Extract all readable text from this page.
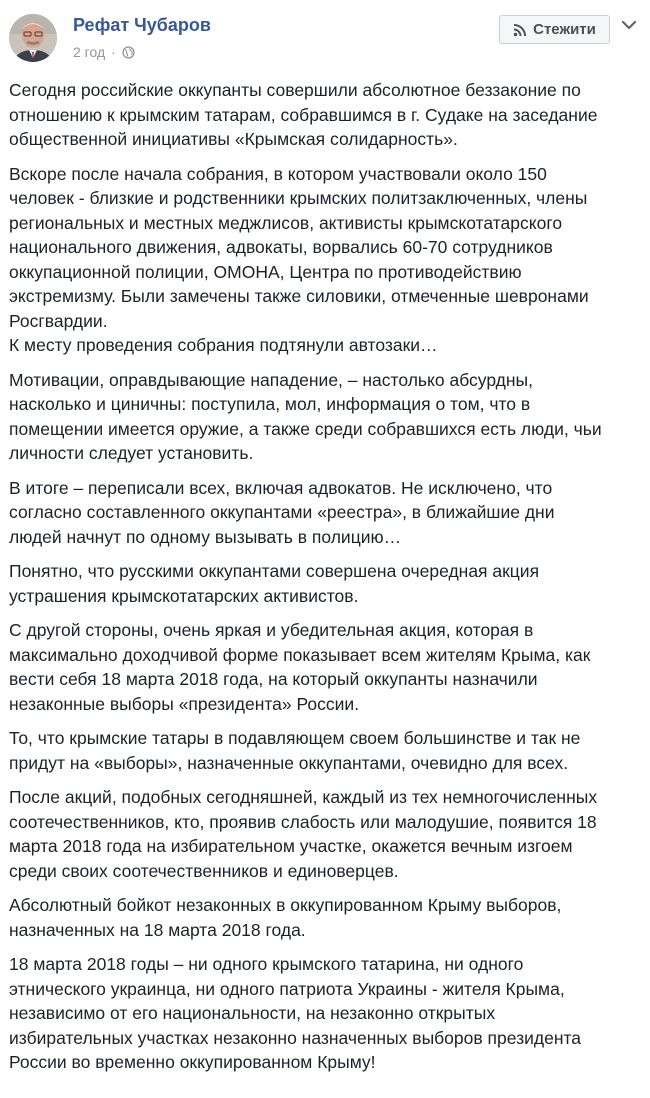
Рефат Чубаров
2 год ·
Стежити

Сегодня российские оккупанты совершили абсолютное беззаконие по
отношению к крымским татарам, собравшимся в г. Судаке на заседание
общественной инициативы «Крымская солидарность».

Вскоре после начала собрания, в котором участвовали около 150
человек - близкие и родственники крымских политзаключенных, члены
региональных и местных меджлисов, активисты крымскотатарского
национального движения, адвокаты, ворвались 60-70 сотрудников
оккупационной полиции, ОМОНА, Центра по противодействию
экстремизму. Были замечены также силовики, отмеченные шевронами
Росгвардии.
К месту проведения собрания подтянули автозаки…

Мотивации, оправдывающие нападение, – настолько абсурдны,
насколько и циничны: поступила, мол, информация о том, что в
помещении имеется оружие, а также среди собравшихся есть люди, чьи
личности следует установить.

В итоге – переписали всех, включая адвокатов. Не исключено, что
согласно составленного оккупантами «реестра», в ближайшие дни
людей начнут по одному вызывать в полицию…

Понятно, что русскими оккупантами совершена очередная акция
устрашения крымскотатарских активистов.

С другой стороны, очень яркая и убедительная акция, которая в
максимально доходчивой форме показывает всем жителям Крыма, как
вести себя 18 марта 2018 года, на который оккупанты назначили
незаконные выборы «президента» России.

То, что крымские татары в подавляющем своем большинстве и так не
придут на «выборы», назначенные оккупантами, очевидно для всех.

После акций, подобных сегодняшней, каждый из тех немногочисленных
соотечественников, кто, проявив слабость или малодушие, появится 18
марта 2018 года на избирательном участке, окажется вечным изгоем
среди своих соотечественников и единоверцев.

Абсолютный бойкот незаконных в оккупированном Крыму выборов,
назначенных на 18 марта 2018 года.

18 марта 2018 годы – ни одного крымского татарина, ни одного
этнического украинца, ни одного патриота Украины - жителя Крыма,
независимо от его национальности, на незаконно открытых
избирательных участках незаконно назначенных выборов президента
России во временно оккупированном Крыму!
